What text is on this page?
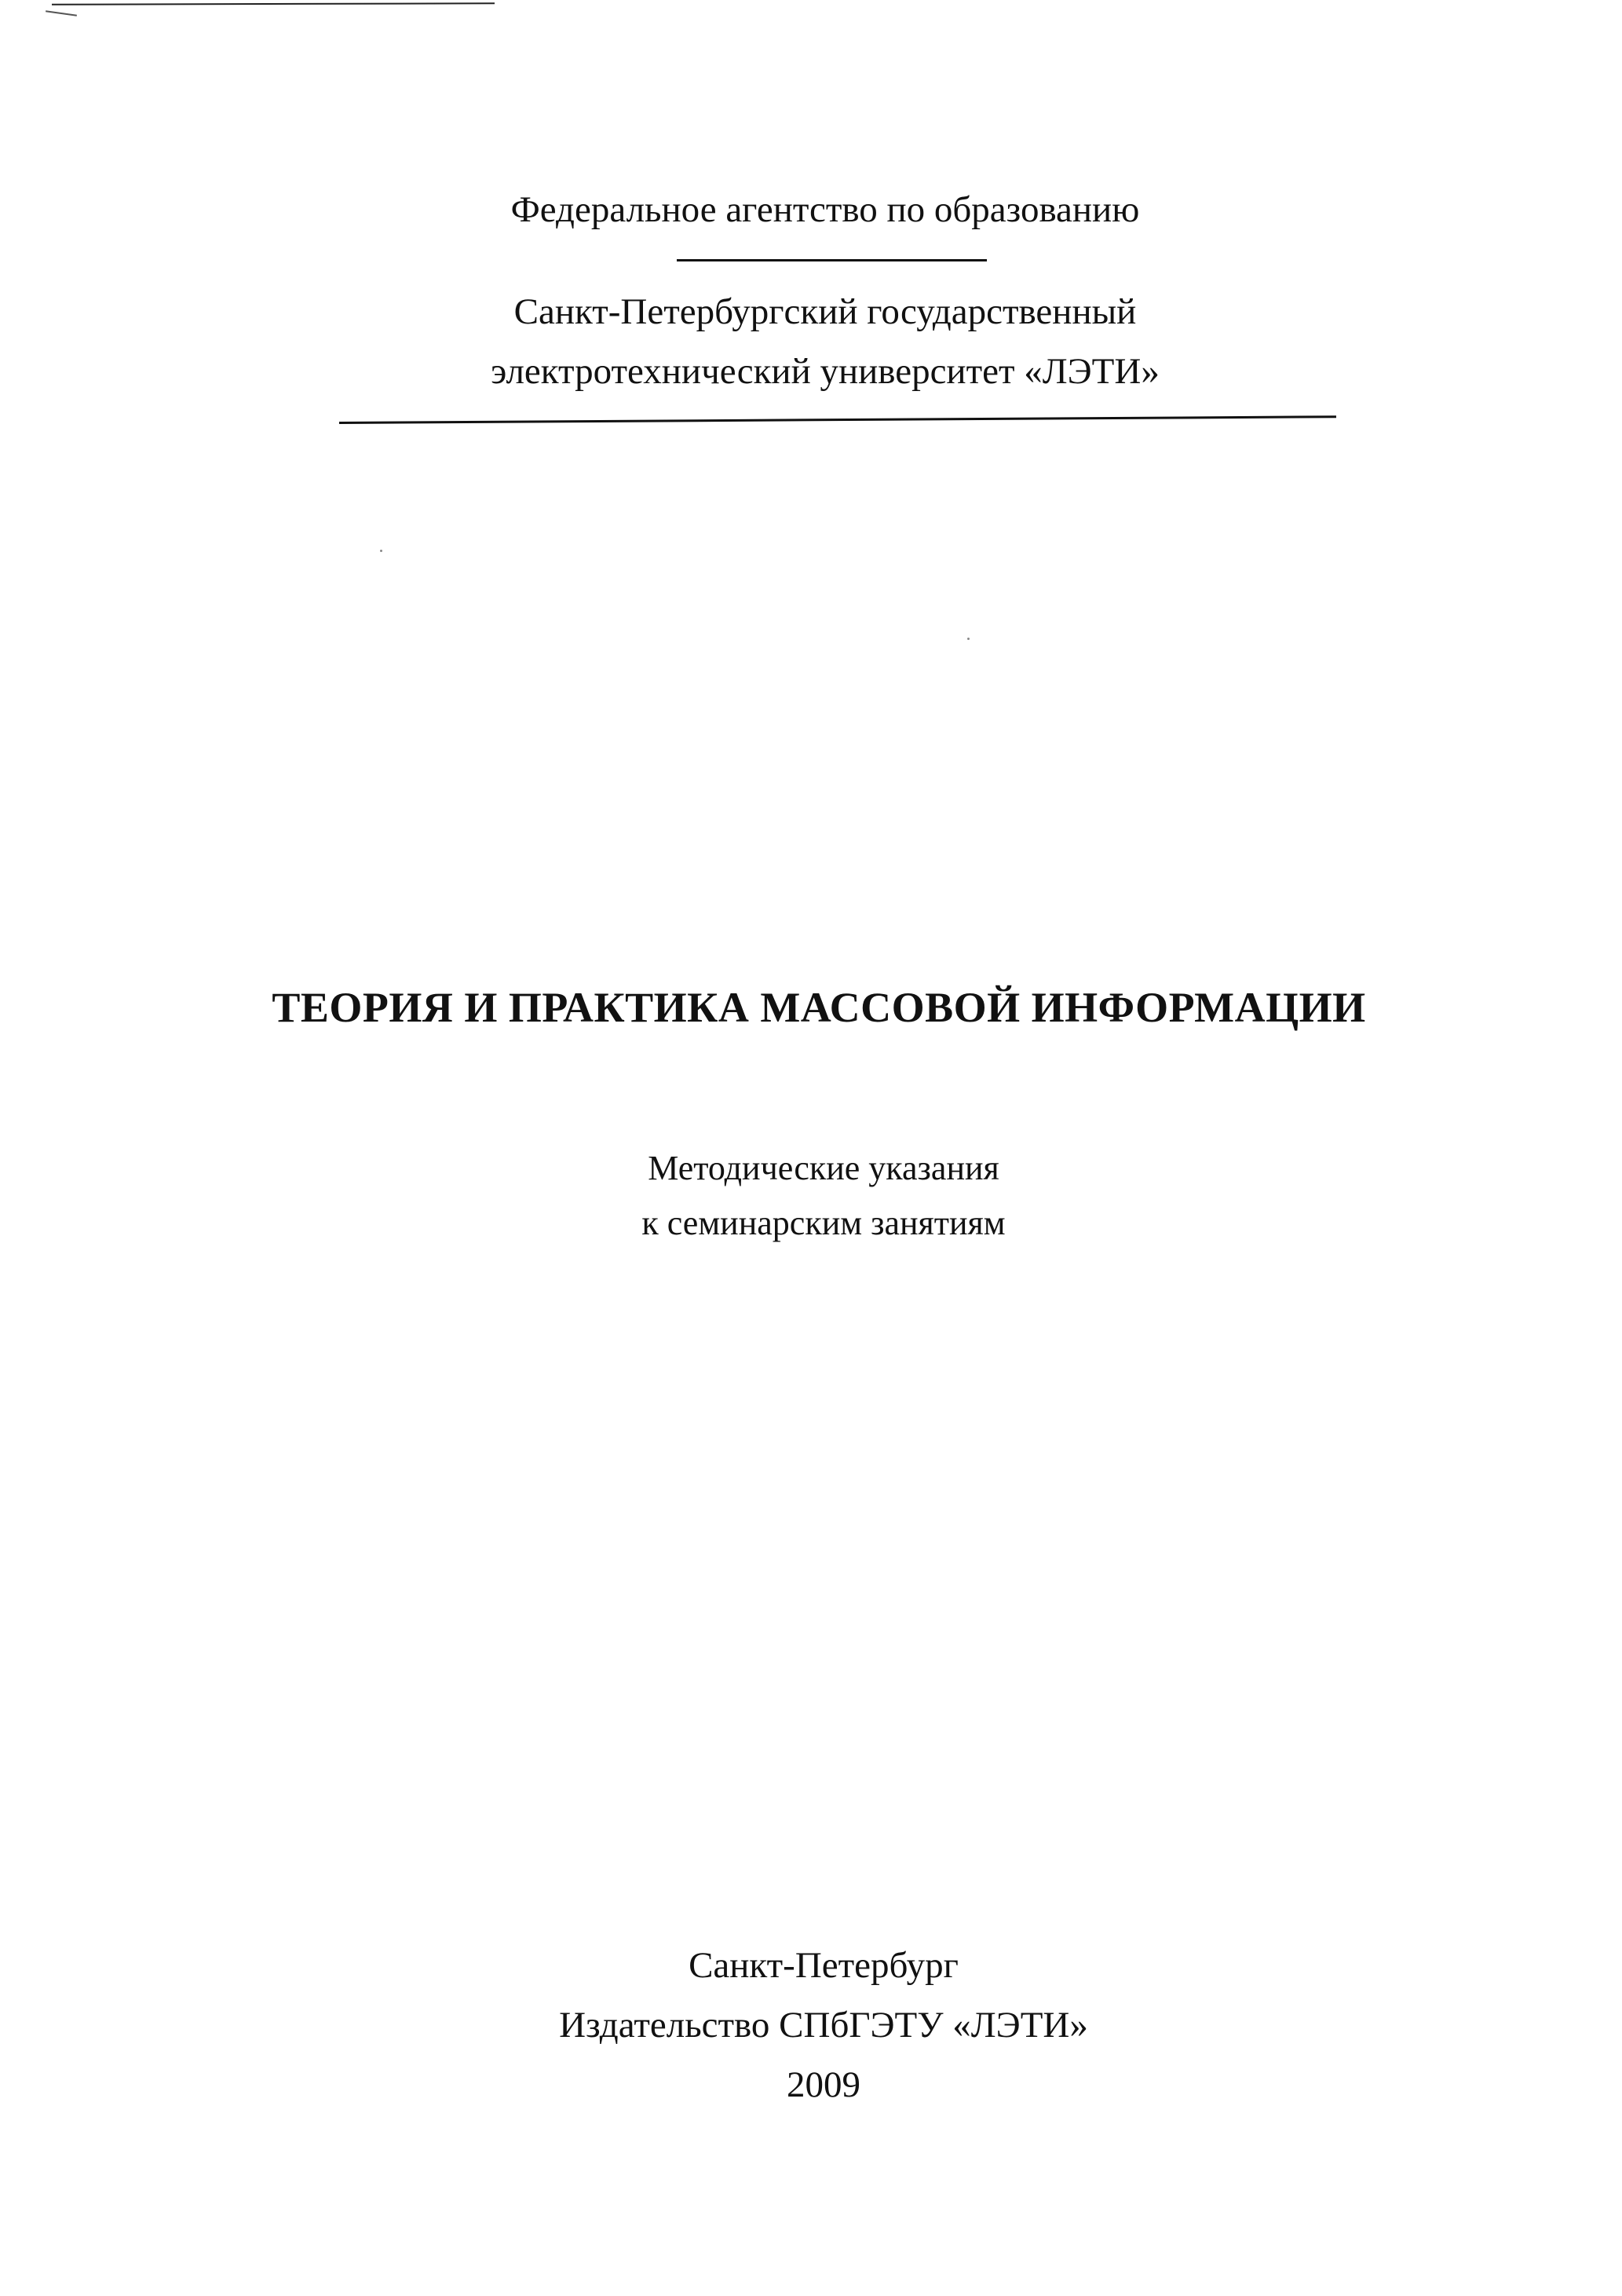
Федеральное агентство по образованию
Санкт-Петербургский государственный
электротехнический университет «ЛЭТИ»
ТЕОРИЯ И ПРАКТИКА МАССОВОЙ ИНФОРМАЦИИ
Методические указания
к семинарским занятиям
Санкт-Петербург
Издательство СПбГЭТУ «ЛЭТИ»
2009
